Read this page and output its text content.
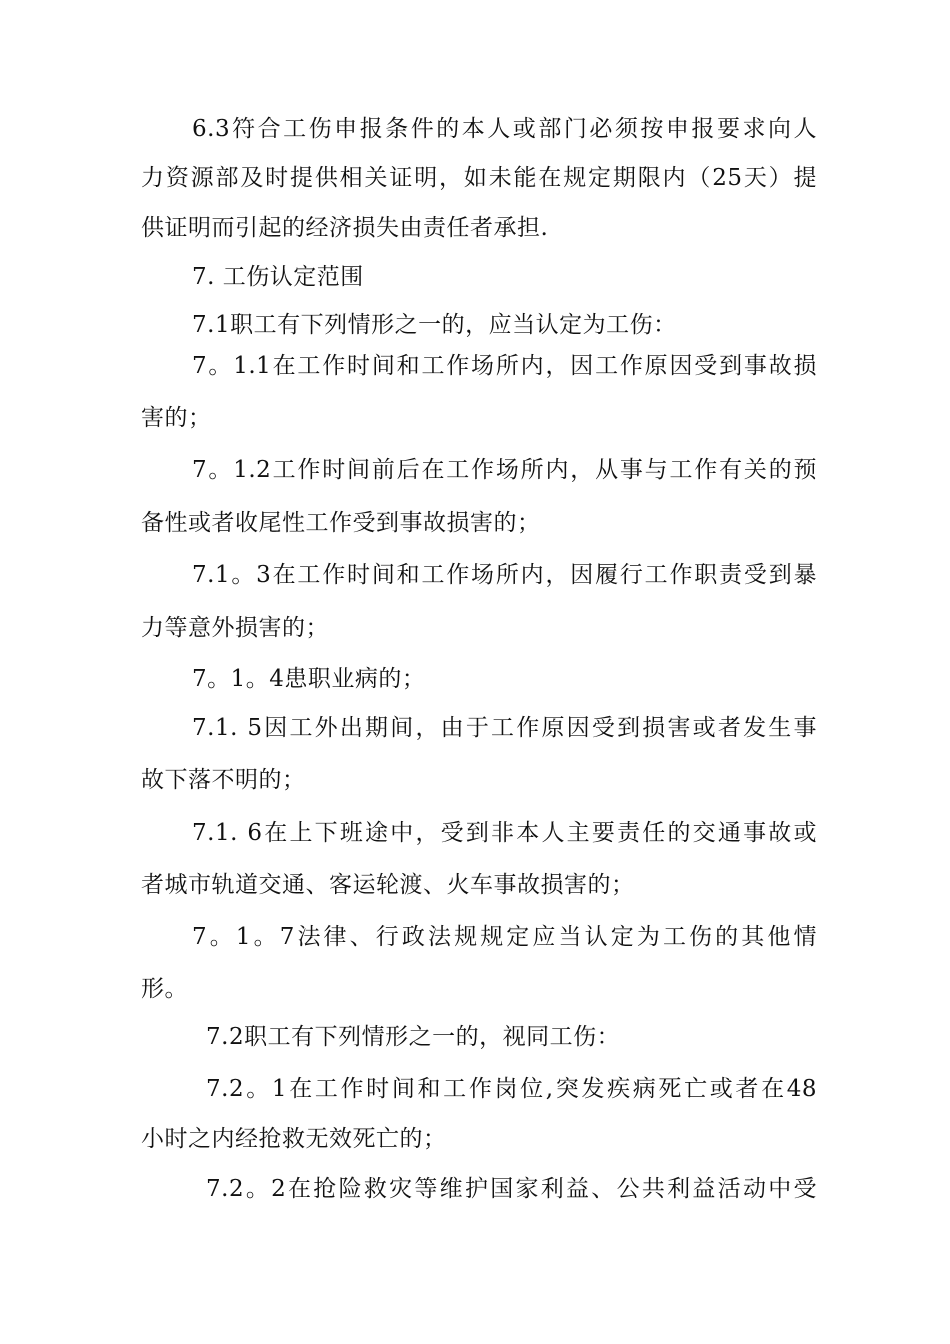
6.3符合工伤申报条件的本人或部门必须按申报要求向人
力资源部及时提供相关证明，如未能在规定期限内（25天）提
供证明而引起的经济损失由责任者承担.
7. 工伤认定范围
7.1职工有下列情形之一的，应当认定为工伤：
7。1.1在工作时间和工作场所内，因工作原因受到事故损
害的；
7。1.2工作时间前后在工作场所内，从事与工作有关的预
备性或者收尾性工作受到事故损害的；
7.1。3在工作时间和工作场所内，因履行工作职责受到暴
力等意外损害的；
7。1。4患职业病的；
7.1. 5因工外出期间，由于工作原因受到损害或者发生事
故下落不明的；
7.1. 6在上下班途中，受到非本人主要责任的交通事故或
者城市轨道交通、客运轮渡、火车事故损害的；
7。1。7法律、行政法规规定应当认定为工伤的其他情
形。
7.2职工有下列情形之一的，视同工伤：
7.2。1在工作时间和工作岗位,突发疾病死亡或者在48
小时之内经抢救无效死亡的；
7.2。2在抢险救灾等维护国家利益、公共利益活动中受
